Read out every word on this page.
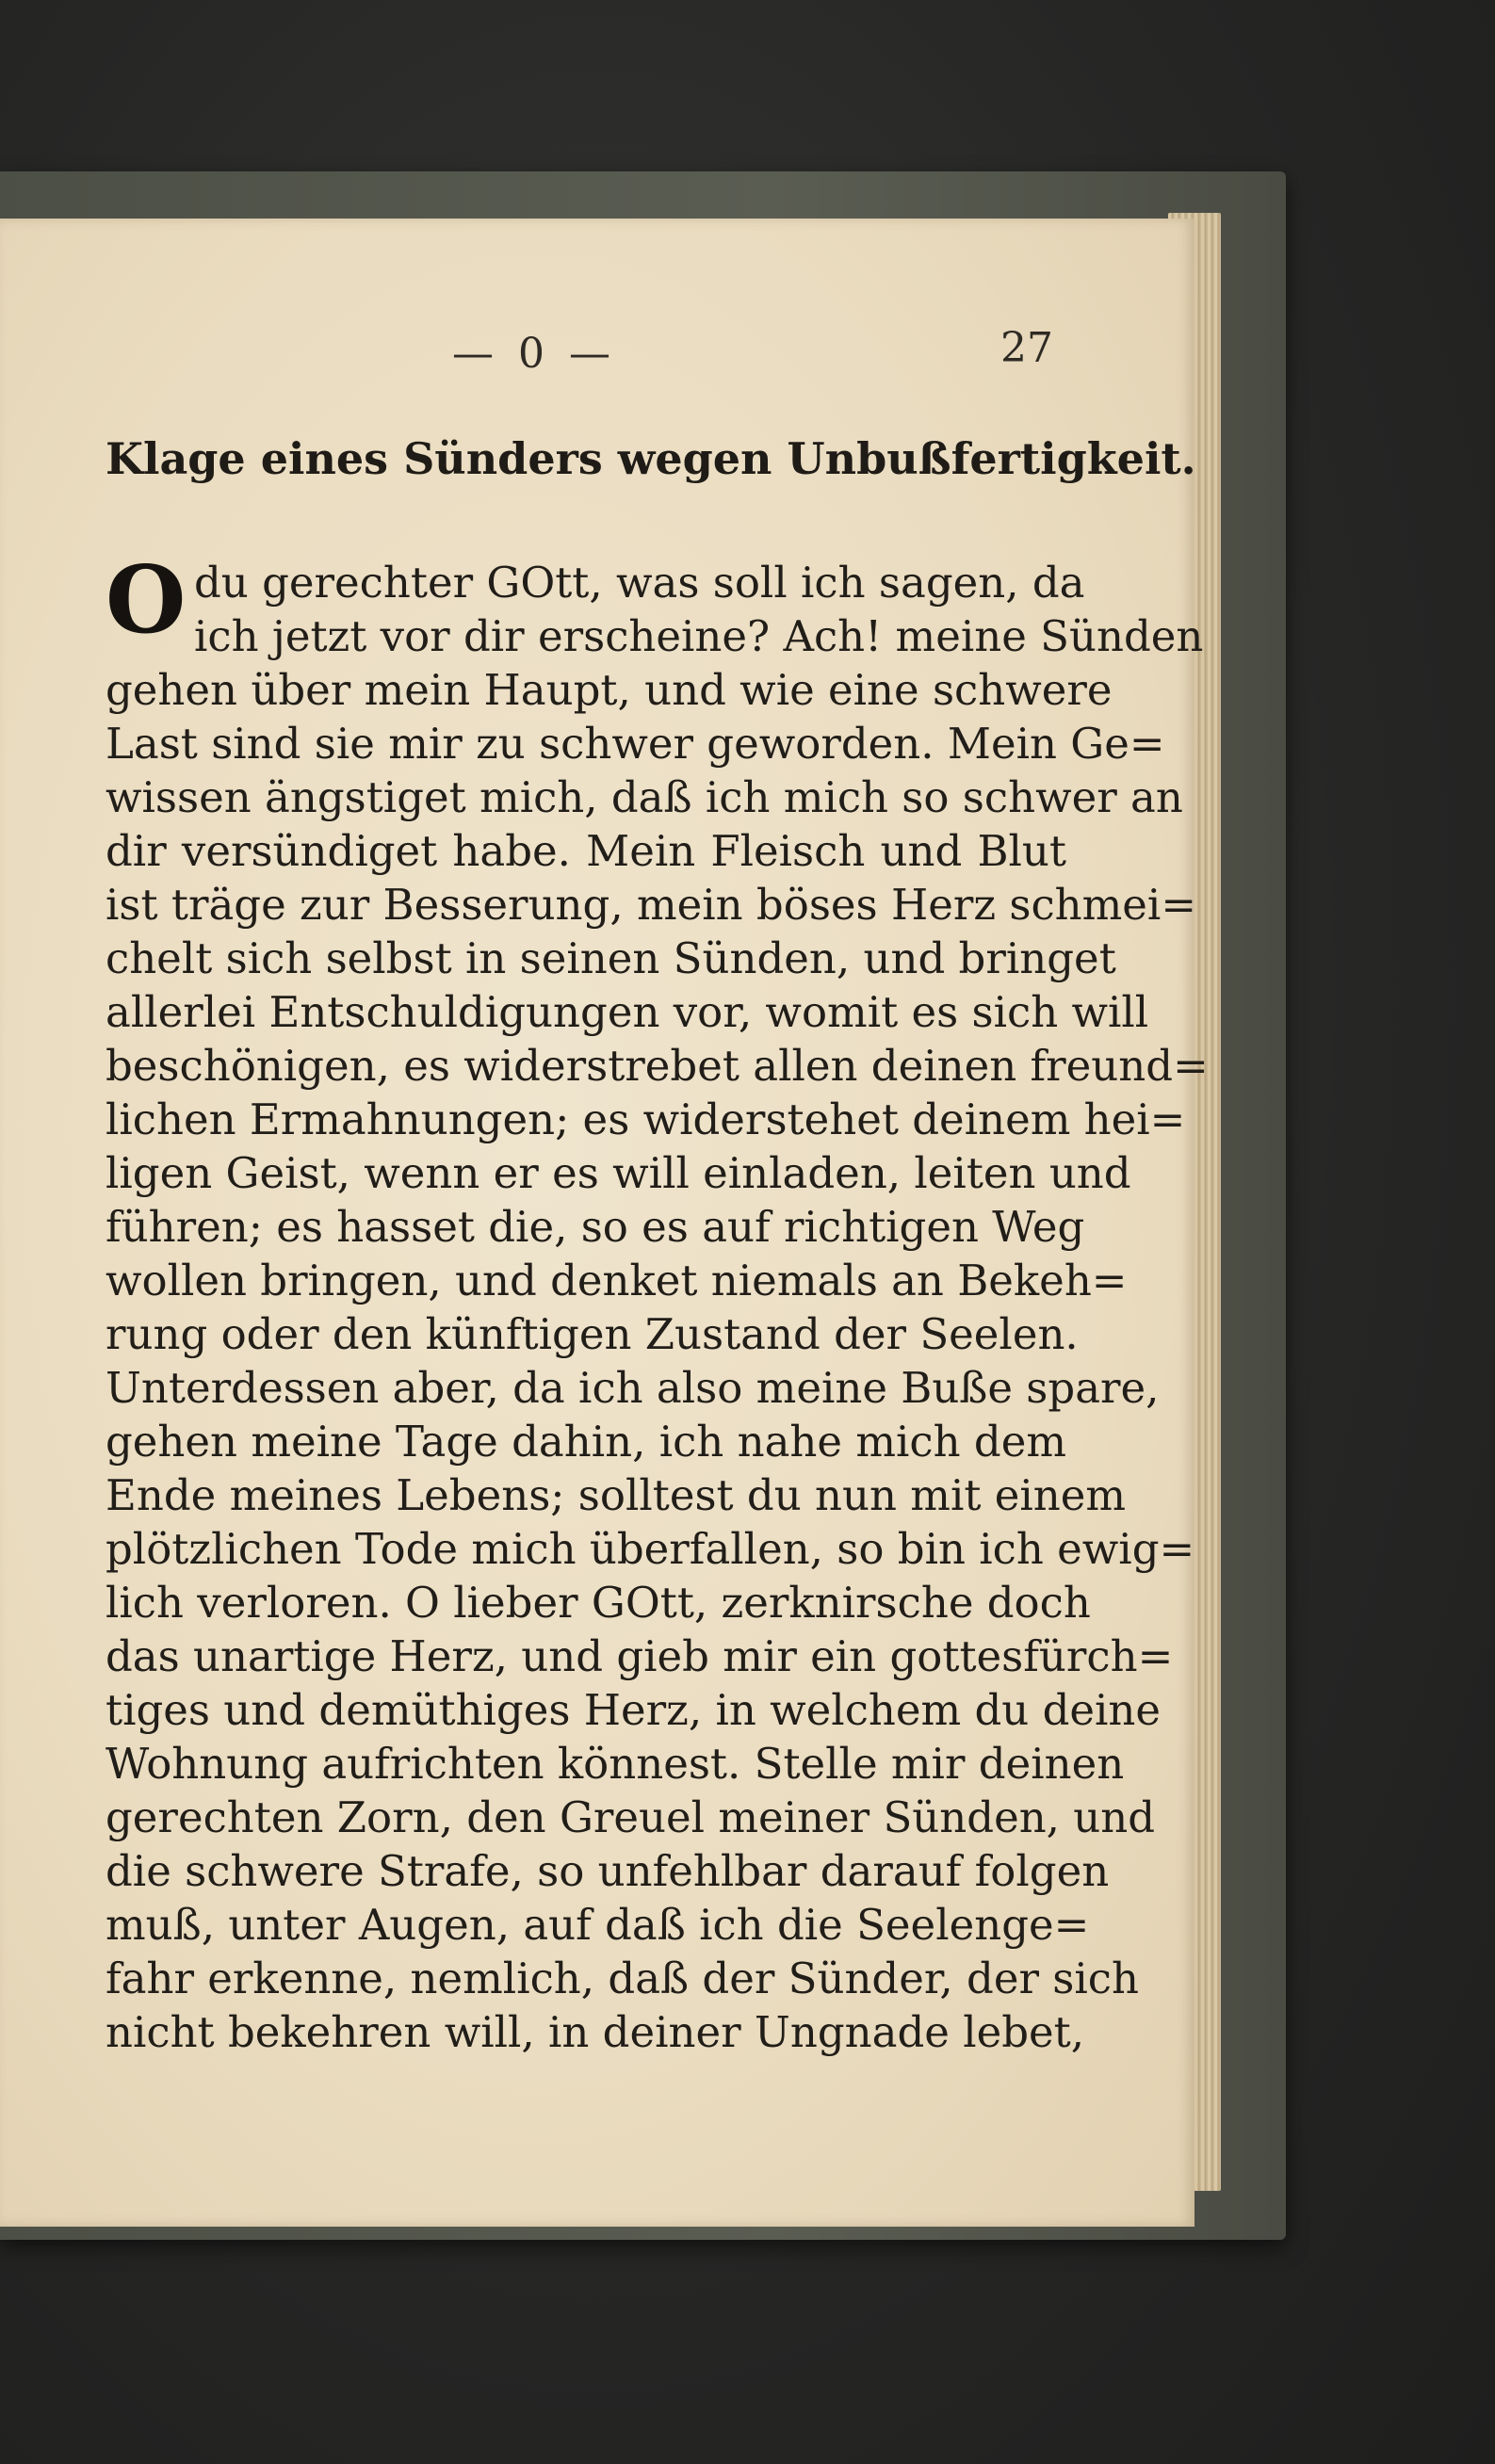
— 0 —	27
Klage eines Sünders wegen Unbußfertigkeit.
O du gerechter GOtt, was soll ich sagen, da
ich jetzt vor dir erscheine? Ach! meine Sünden
gehen über mein Haupt, und wie eine schwere
Last sind sie mir zu schwer geworden. Mein Ge=
wissen ängstiget mich, daß ich mich so schwer an
dir versündiget habe. Mein Fleisch und Blut
ist träge zur Besserung, mein böses Herz schmei=
chelt sich selbst in seinen Sünden, und bringet
allerlei Entschuldigungen vor, womit es sich will
beschönigen, es widerstrebet allen deinen freund=
lichen Ermahnungen; es widerstehet deinem hei=
ligen Geist, wenn er es will einladen, leiten und
führen; es hasset die, so es auf richtigen Weg
wollen bringen, und denket niemals an Bekeh=
rung oder den künftigen Zustand der Seelen.
Unterdessen aber, da ich also meine Buße spare,
gehen meine Tage dahin, ich nahe mich dem
Ende meines Lebens; solltest du nun mit einem
plötzlichen Tode mich überfallen, so bin ich ewig=
lich verloren. O lieber GOtt, zerknirsche doch
das unartige Herz, und gieb mir ein gottesfürch=
tiges und demüthiges Herz, in welchem du deine
Wohnung aufrichten könnest. Stelle mir deinen
gerechten Zorn, den Greuel meiner Sünden, und
die schwere Strafe, so unfehlbar darauf folgen
muß, unter Augen, auf daß ich die Seelenge=
fahr erkenne, nemlich, daß der Sünder, der sich
nicht bekehren will, in deiner Ungnade lebet,
